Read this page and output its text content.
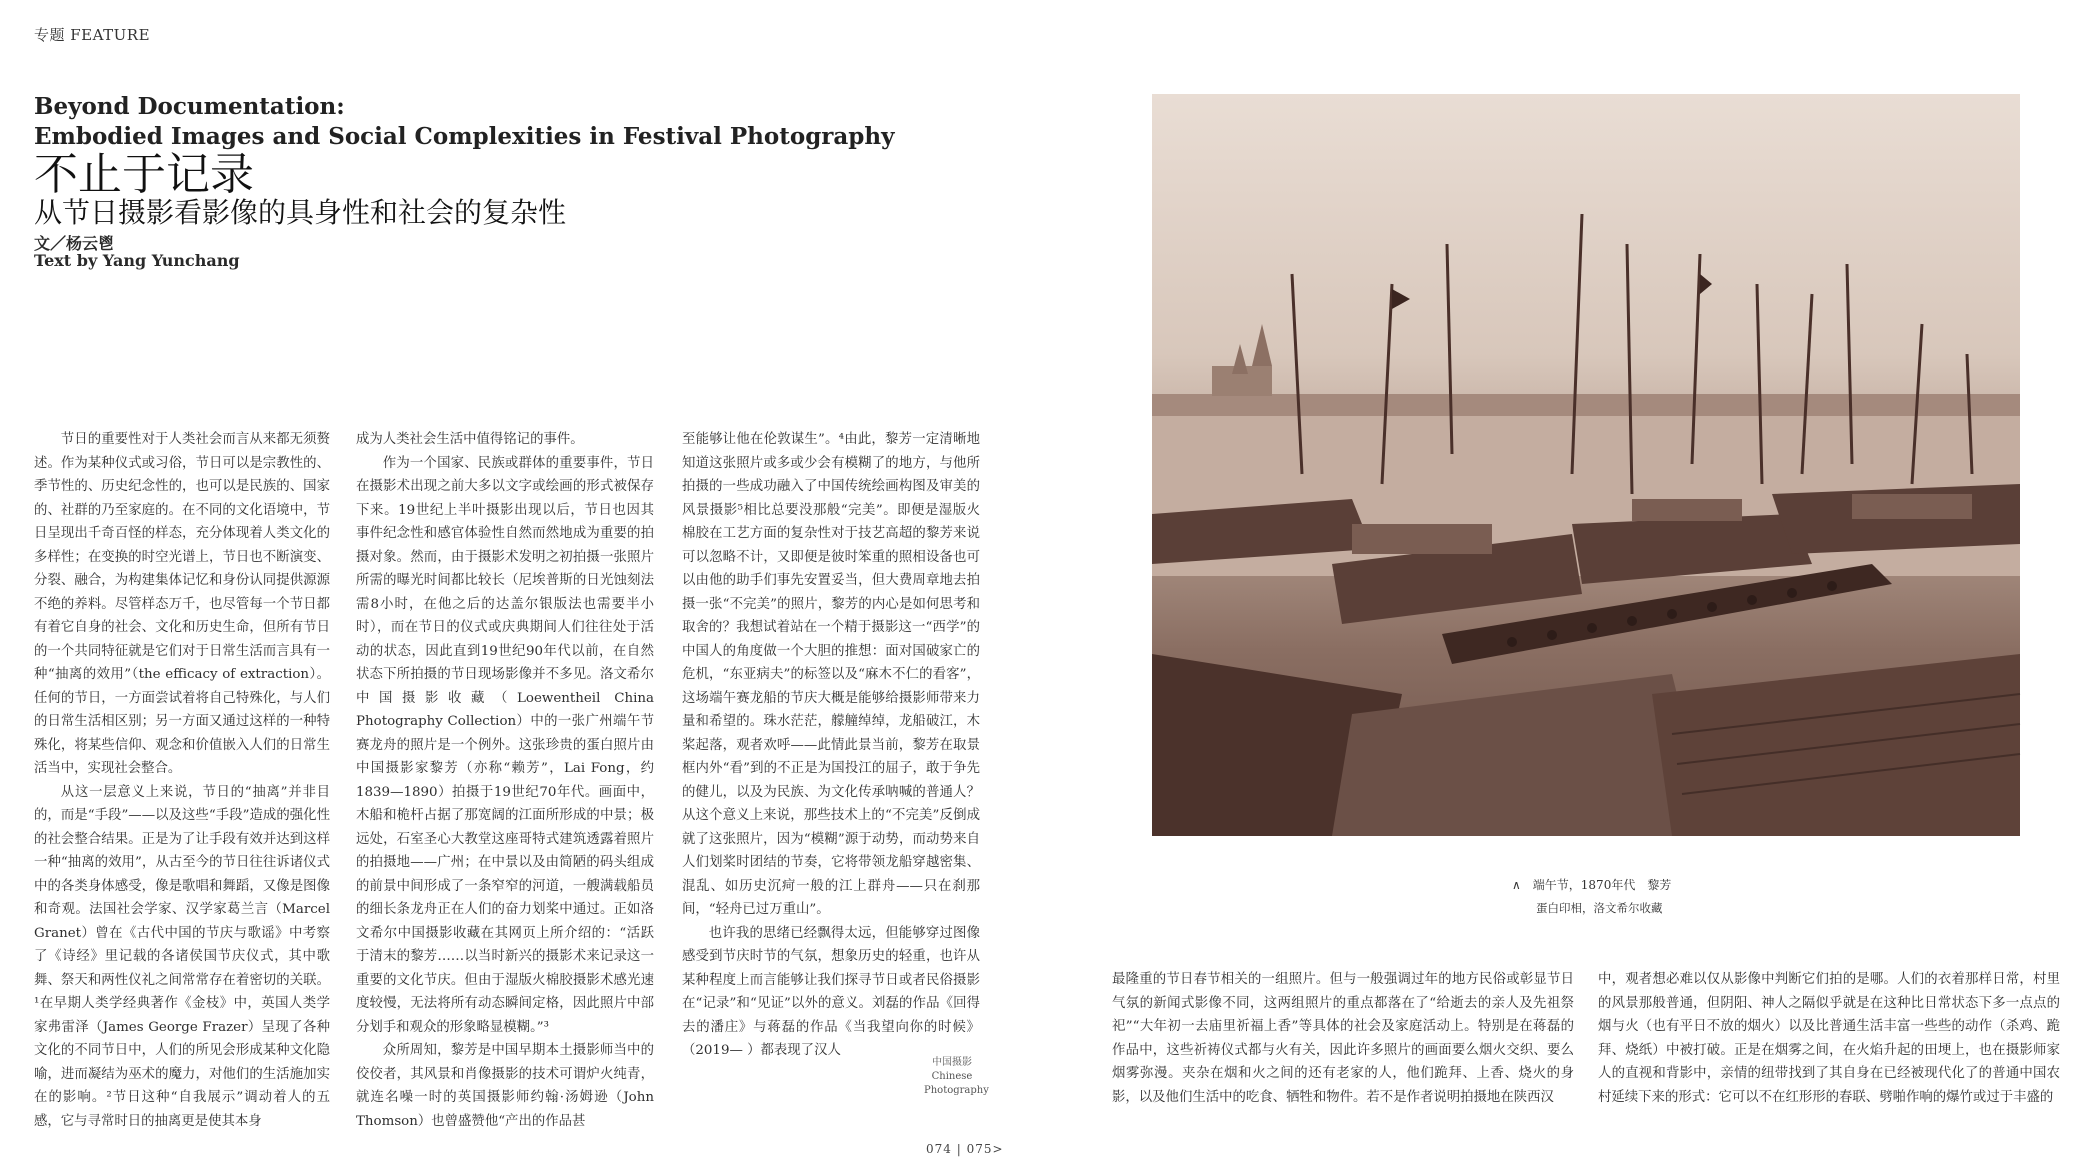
专题 FEATURE
Beyond Documentation:
Embodied Images and Social Complexities in Festival Photography
不止于记录
从节日摄影看影像的具身性和社会的复杂性
文／杨云鬯
Text by Yang Yunchang

节日的重要性对于人类社会而言从来都无须赘述。作为某种仪式或习俗，节日可以是宗教性的、季节性的、历史纪念性的，也可以是民族的、国家的、社群的乃至家庭的。在不同的文化语境中，节日呈现出千奇百怪的样态，充分体现着人类文化的多样性；在变换的时空光谱上，节日也不断演变、分裂、融合，为构建集体记忆和身份认同提供源源不绝的养料。尽管样态万千，也尽管每一个节日都有着它自身的社会、文化和历史生命，但所有节日的一个共同特征就是它们对于日常生活而言具有一种“抽离的效用”（the efficacy of extraction）。任何的节日，一方面尝试着将自己特殊化，与人们的日常生活相区别；另一方面又通过这样的一种特殊化，将某些信仰、观念和价值嵌入人们的日常生活当中，实现社会整合。

从这一层意义上来说，节日的“抽离”并非目的，而是“手段”——以及这些“手段”造成的强化性的社会整合结果。正是为了让手段有效并达到这样一种“抽离的效用”，从古至今的节日往往诉诸仪式中的各类身体感受，像是歌唱和舞蹈，又像是图像和奇观。法国社会学家、汉学家葛兰言（Marcel Granet）曾在《古代中国的节庆与歌谣》中考察了《诗经》里记载的各诸侯国节庆仪式，其中歌舞、祭天和两性仪礼之间常常存在着密切的关联。¹在早期人类学经典著作《金枝》中，英国人类学家弗雷泽（James George Frazer）呈现了各种文化的不同节日中，人们的所见会形成某种文化隐喻，进而凝结为巫术的魔力，对他们的生活施加实在的影响。²节日这种“自我展示”调动着人的五感，它与寻常时日的抽离更是使其本身

成为人类社会生活中值得铭记的事件。

作为一个国家、民族或群体的重要事件，节日在摄影术出现之前大多以文字或绘画的形式被保存下来。19世纪上半叶摄影出现以后，节日也因其事件纪念性和感官体验性自然而然地成为重要的拍摄对象。然而，由于摄影术发明之初拍摄一张照片所需的曝光时间都比较长（尼埃普斯的日光蚀刻法需8小时，在他之后的达盖尔银版法也需要半小时），而在节日的仪式或庆典期间人们往往处于活动的状态，因此直到19世纪90年代以前，在自然状态下所拍摄的节日现场影像并不多见。洛文希尔中国摄影收藏（Loewentheil China Photography Collection）中的一张广州端午节赛龙舟的照片是一个例外。这张珍贵的蛋白照片由中国摄影家黎芳（亦称“赖芳”，Lai Fong，约1839—1890）拍摄于19世纪70年代。画面中，木船和桅杆占据了那宽阔的江面所形成的中景；极远处，石室圣心大教堂这座哥特式建筑透露着照片的拍摄地——广州；在中景以及由简陋的码头组成的前景中间形成了一条窄窄的河道，一艘满载船员的细长条龙舟正在人们的奋力划桨中通过。正如洛文希尔中国摄影收藏在其网页上所介绍的：“活跃于清末的黎芳……以当时新兴的摄影术来记录这一重要的文化节庆。但由于湿版火棉胶摄影术感光速度较慢，无法将所有动态瞬间定格，因此照片中部分划手和观众的形象略显模糊。”³

众所周知，黎芳是中国早期本土摄影师当中的佼佼者，其风景和肖像摄影的技术可谓炉火纯青，就连名噪一时的英国摄影师约翰·汤姆逊（John Thomson）也曾盛赞他“产出的作品甚

至能够让他在伦敦谋生”。⁴由此，黎芳一定清晰地知道这张照片或多或少会有模糊了的地方，与他所拍摄的一些成功融入了中国传统绘画构图及审美的风景摄影⁵相比总要没那般“完美”。即便是湿版火棉胶在工艺方面的复杂性对于技艺高超的黎芳来说可以忽略不计，又即便是彼时笨重的照相设备也可以由他的助手们事先安置妥当，但大费周章地去拍摄一张“不完美”的照片，黎芳的内心是如何思考和取舍的？我想试着站在一个精于摄影这一“西学”的中国人的角度做一个大胆的推想：面对国破家亡的危机，“东亚病夫”的标签以及“麻木不仁的看客”，这场端午赛龙船的节庆大概是能够给摄影师带来力量和希望的。珠水茫茫，艨艟绰绰，龙船破江，木桨起落，观者欢呼——此情此景当前，黎芳在取景框内外“看”到的不正是为国投江的屈子，敢于争先的健儿，以及为民族、为文化传承呐喊的普通人？从这个意义上来说，那些技术上的“不完美”反倒成就了这张照片，因为“模糊”源于动势，而动势来自人们划桨时团结的节奏，它将带领龙船穿越密集、混乱、如历史沉疴一般的江上群舟——只在刹那间，“轻舟已过万重山”。

也许我的思绪已经飘得太远，但能够穿过图像感受到节庆时节的气氛，想象历史的轻重，也许从某种程度上而言能够让我们探寻节日或者民俗摄影在“记录”和“见证”以外的意义。刘磊的作品《回得去的潘庄》与蒋磊的作品《当我望向你的时候》（2019— ）都表现了汉人

中国摄影
Chinese
Photography
∧　端午节，1870年代　黎芳
蛋白印相，洛文希尔收藏

最隆重的节日春节相关的一组照片。但与一般强调过年的地方民俗或彰显节日气氛的新闻式影像不同，这两组照片的重点都落在了“给逝去的亲人及先祖祭祀”“大年初一去庙里祈福上香”等具体的社会及家庭活动上。特别是在蒋磊的作品中，这些祈祷仪式都与火有关，因此许多照片的画面要么烟火交织、要么烟雾弥漫。夹杂在烟和火之间的还有老家的人，他们跪拜、上香、烧火的身影，以及他们生活中的吃食、牺牲和物件。若不是作者说明拍摄地在陕西汉

中，观者想必难以仅从影像中判断它们拍的是哪。人们的衣着那样日常，村里的风景那般普通，但阴阳、神人之隔似乎就是在这种比日常状态下多一点点的烟与火（也有平日不放的烟火）以及比普通生活丰富一些些的动作（杀鸡、跪拜、烧纸）中被打破。正是在烟雾之间，在火焰升起的田埂上，也在摄影师家人的直视和背影中，亲情的纽带找到了其自身在已经被现代化了的普通中国农村延续下来的形式：它可以不在红形形的春联、劈啪作响的爆竹或过于丰盛的

074 | 075>
